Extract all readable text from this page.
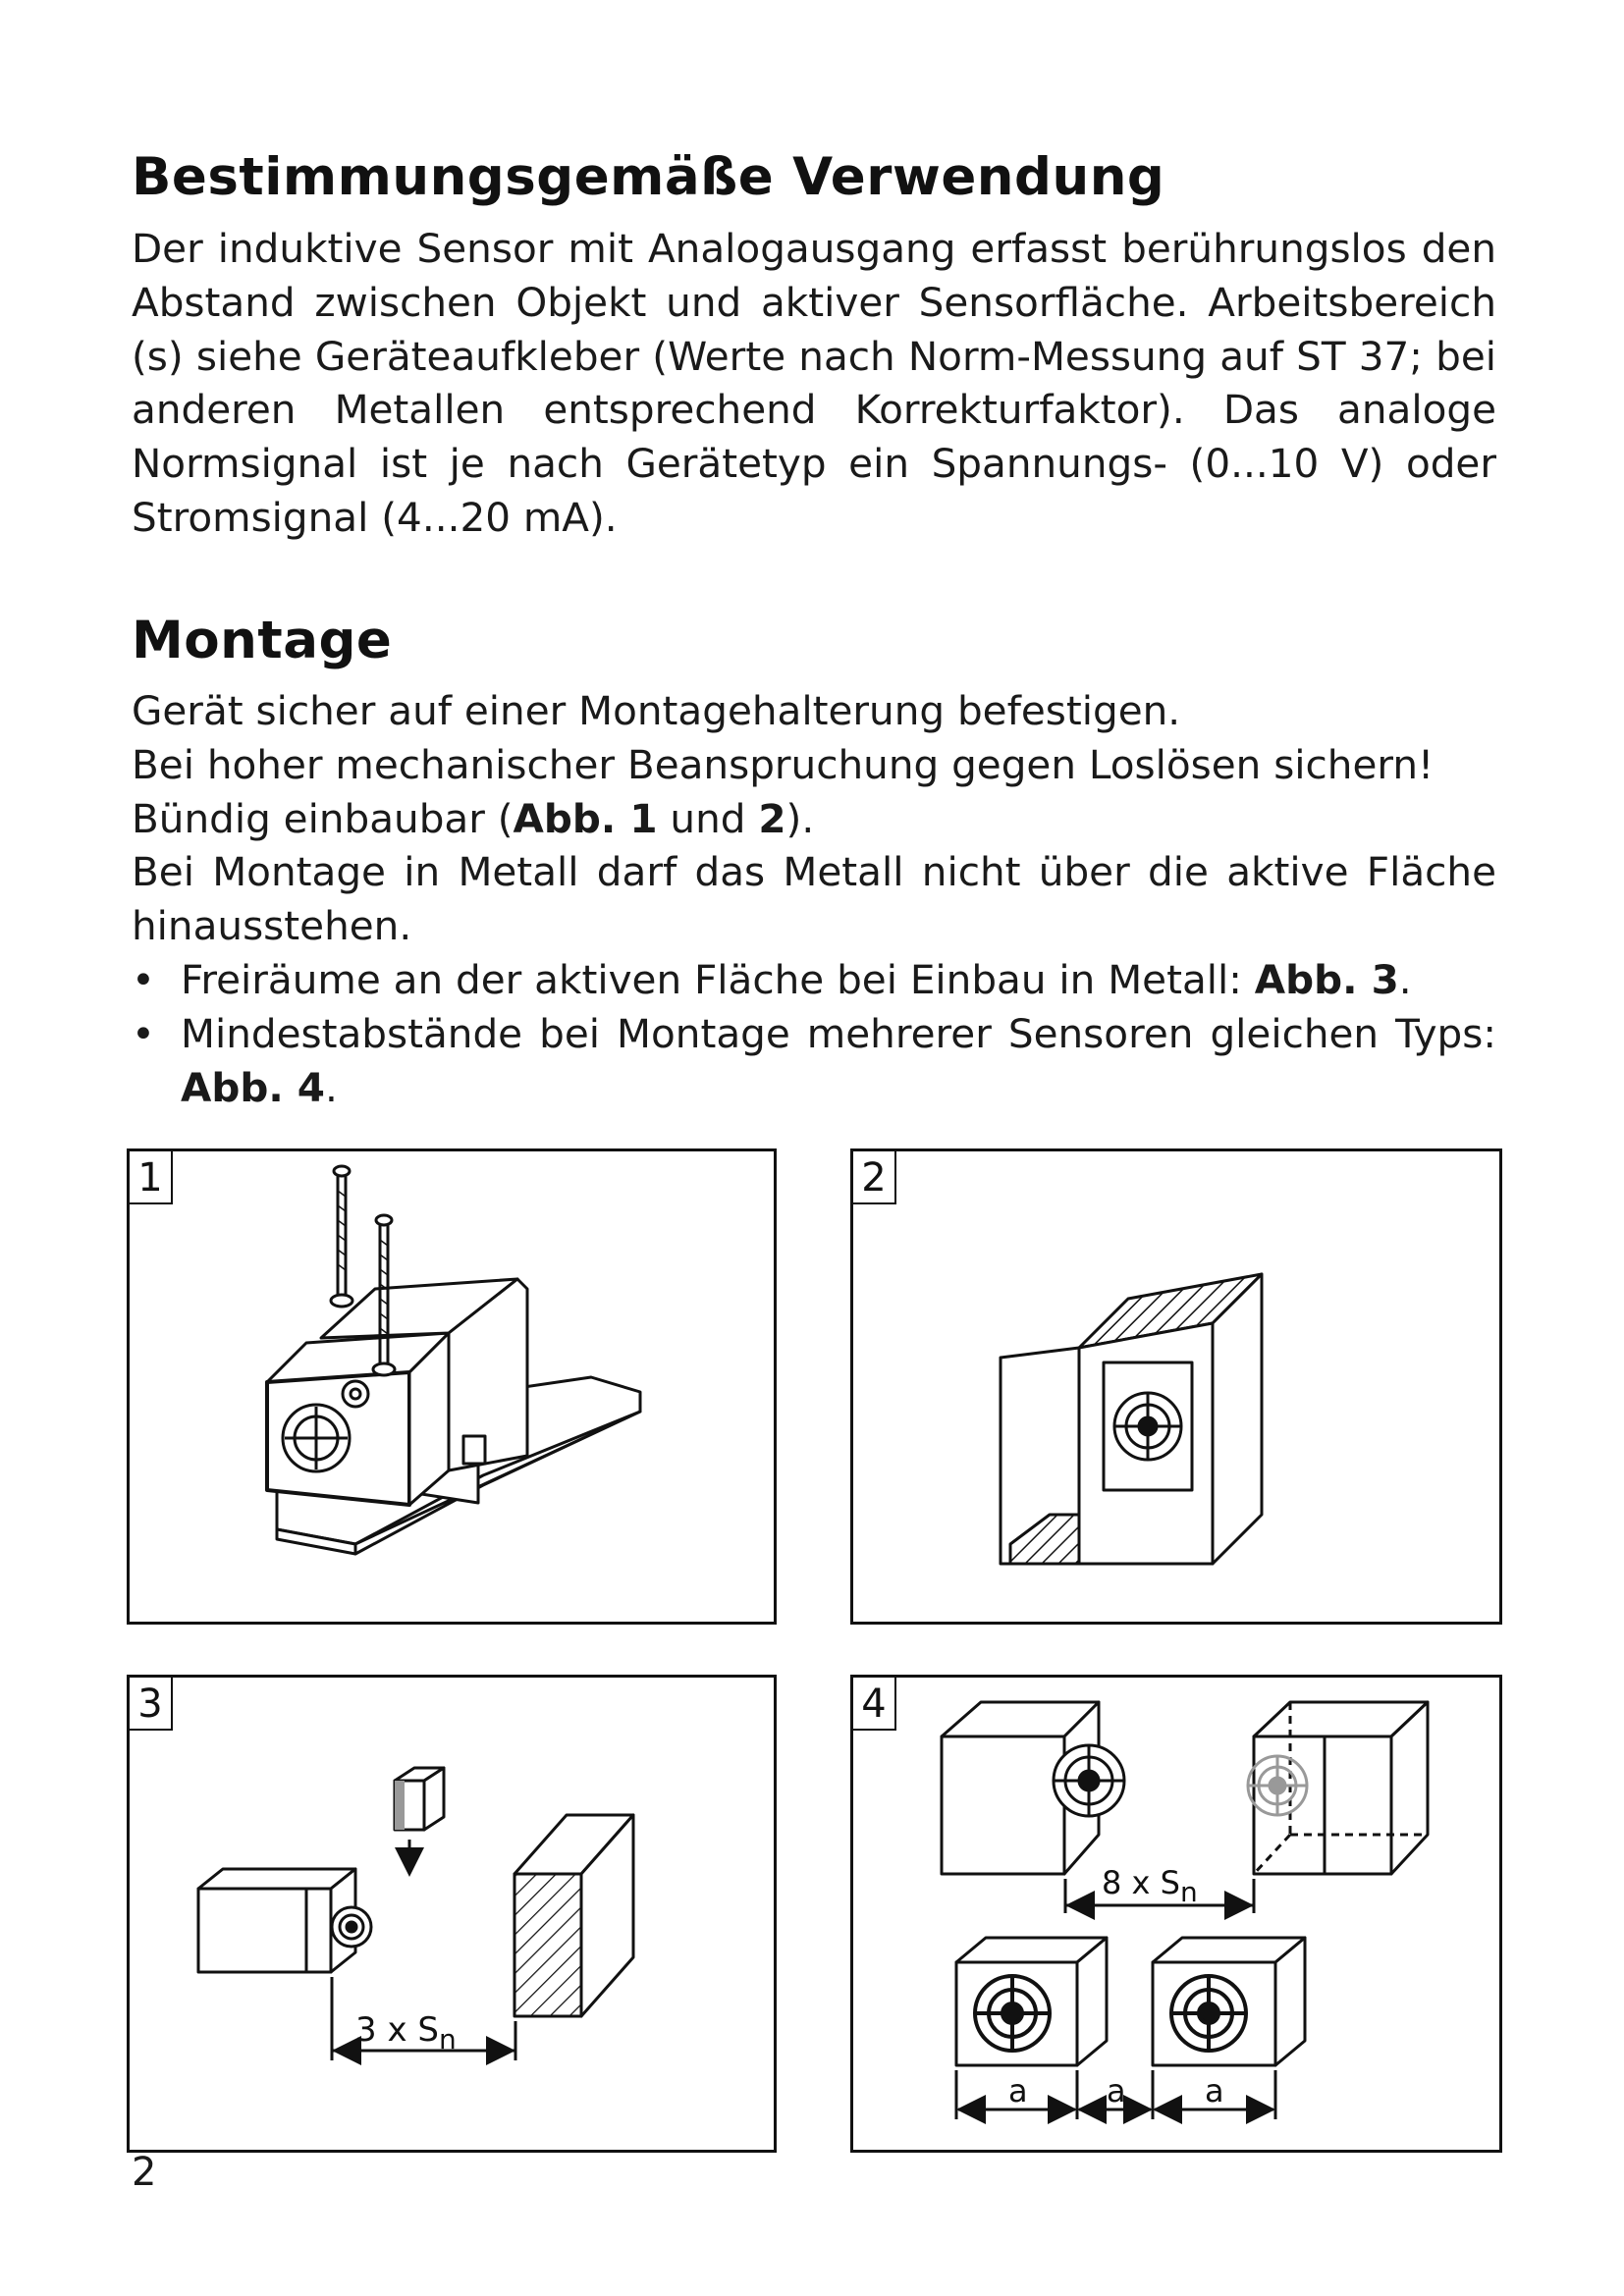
Bestimmungsgemäße Verwendung

Der induktive Sensor mit Analogausgang erfasst berührungslos den Abstand zwischen Objekt und aktiver Sensorfläche. Arbeitsbereich (s) siehe Geräteaufkleber (Werte nach Norm-Messung auf ST 37; bei anderen Metallen entsprechend Korrekturfaktor). Das analoge Normsignal ist je nach Gerätetyp ein Spannungs- (0...10 V) oder Stromsignal (4...20 mA).

Montage

Gerät sicher auf einer Montagehalterung befestigen.

Bei hoher mechanischer Beanspruchung gegen Loslösen sichern!

Bündig einbaubar (Abb. 1 und 2).

Bei Montage in Metall darf das Metall nicht über die aktive Fläche hinausstehen.

• Freiräume an der aktiven Fläche bei Einbau in Metall: Abb. 3.

• Mindestabstände bei Montage mehrerer Sensoren gleichen Typs: Abb. 4.

1	2
3 x $S_n$
3
8 x Sn
a	a	a
4
2
